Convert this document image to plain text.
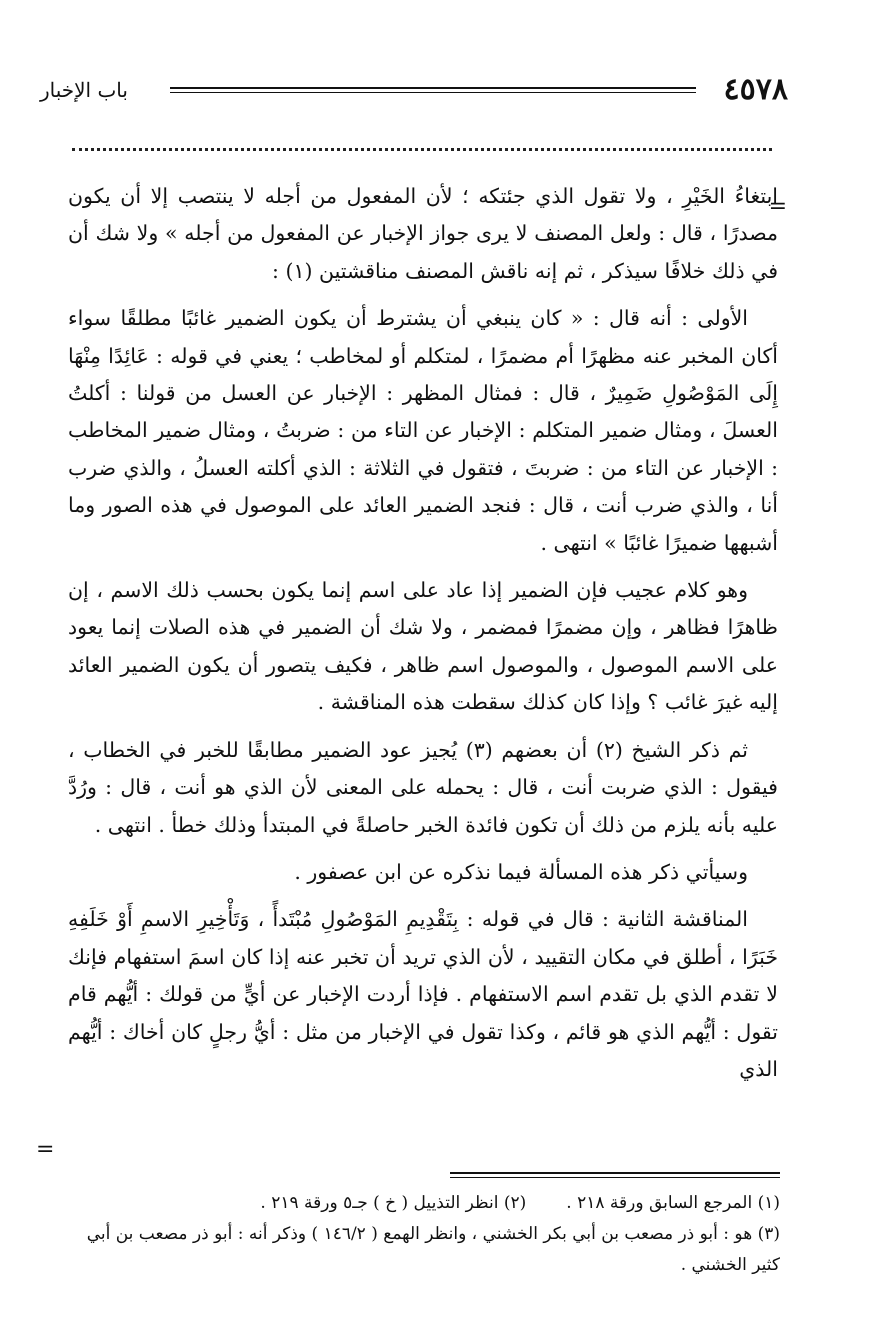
٤٥٧٨
باب الإخبار
=

ابتغاءُ الخَيْرِ ، ولا تقول الذي جئتكه ؛ لأن المفعول من أجله لا ينتصب إلا أن يكون مصدرًا ، قال : ولعل المصنف لا يرى جواز الإخبار عن المفعول من أجله » ولا شك أن في ذلك خلافًا سيذكر ، ثم إنه ناقش المصنف مناقشتين (١) :

الأولى : أنه قال : « كان ينبغي أن يشترط أن يكون الضمير غائبًا مطلقًا سواء أكان المخبر عنه مظهرًا أم مضمرًا ، لمتكلم أو لمخاطب ؛ يعني في قوله : عَائِدًا مِنْهَا إِلَى المَوْصُولِ ضَمِيرٌ ، قال : فمثال المظهر : الإخبار عن العسل من قولنا : أكلتُ العسلَ ، ومثال ضمير المتكلم : الإخبار عن التاء من : ضربتُ ، ومثال ضمير المخاطب : الإخبار عن التاء من : ضربتَ ، فتقول في الثلاثة : الذي أكلته العسلُ ، والذي ضرب أنا ، والذي ضرب أنت ، قال : فنجد الضمير العائد على الموصول في هذه الصور وما أشبهها ضميرًا غائبًا » انتهى .

وهو كلام عجيب فإن الضمير إذا عاد على اسم إنما يكون بحسب ذلك الاسم ، إن ظاهرًا فظاهر ، وإن مضمرًا فمضمر ، ولا شك أن الضمير في هذه الصلات إنما يعود على الاسم الموصول ، والموصول اسم ظاهر ، فكيف يتصور أن يكون الضمير العائد إليه غيرَ غائب ؟ وإذا كان كذلك سقطت هذه المناقشة .

ثم ذكر الشيخ (٢) أن بعضهم (٣) يُجيز عود الضمير مطابقًا للخبر في الخطاب ، فيقول : الذي ضربت أنت ، قال : يحمله على المعنى لأن الذي هو أنت ، قال : ورُدَّ عليه بأنه يلزم من ذلك أن تكون فائدة الخبر حاصلةً في المبتدأ وذلك خطأ . انتهى .

وسيأتي ذكر هذه المسألة فيما نذكره عن ابن عصفور .

المناقشة الثانية : قال في قوله : بِتَقْدِيمِ المَوْصُولِ مُبْتَدأً ، وَتَأْخِيرِ الاسمِ أَوْ خَلَفِهِ خَبَرًا ، أطلق في مكان التقييد ، لأن الذي تريد أن تخبر عنه إذا كان اسمَ استفهام فإنك لا تقدم الذي بل تقدم اسم الاستفهام . فإذا أردت الإخبار عن أيٍّ من قولك : أيُّهم قام تقول : أيُّهم الذي هو قائم ، وكذا تقول في الإخبار من مثل : أيُّ رجلٍ كان أخاك : أيُّهم الذي

=

(١) المرجع السابق ورقة ٢١٨ .

(٢) انظر التذييل ( خ ) جـ٥ ورقة ٢١٩ .

(٣) هو : أبو ذر مصعب بن أبي بكر الخشني ، وانظر الهمع ( ١٤٦/٢ ) وذكر أنه : أبو ذر مصعب بن أبي كثير الخشني .
